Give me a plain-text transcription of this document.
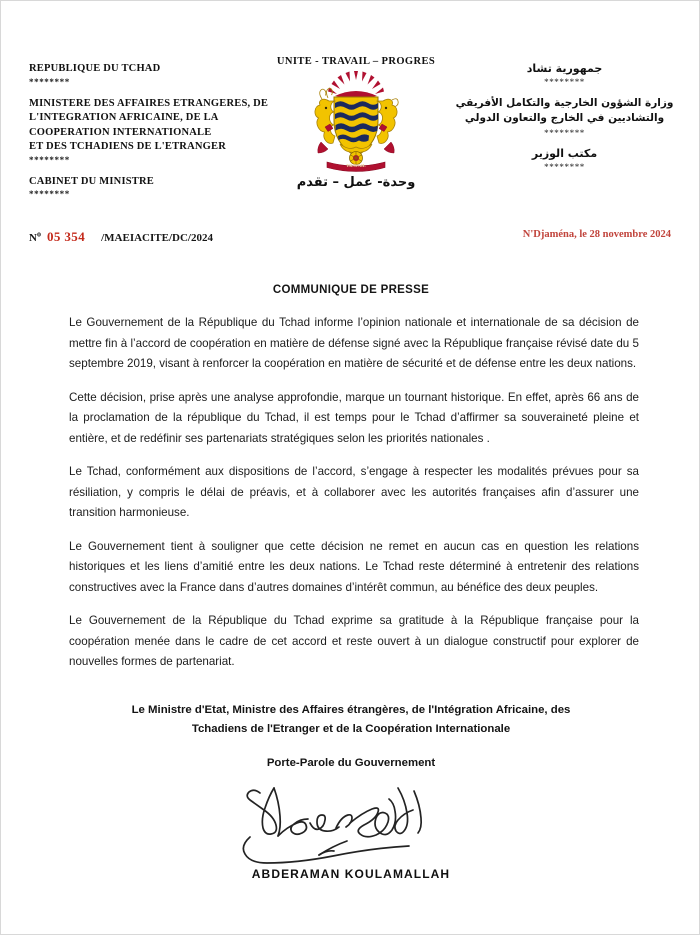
REPUBLIQUE DU TCHAD
********
MINISTERE DES AFFAIRES ETRANGERES, DE
L'INTEGRATION AFRICAINE, DE LA
COOPERATION INTERNATIONALE
ET DES TCHADIENS DE L'ETRANGER
********
CABINET DU MINISTRE
********
UNITE - TRAVAIL – PROGRES
TRAVAIL
وحدة- عمل – تقدم
جمهورية تشاد
********
وزارة الشؤون الخارجية والتكامل الأفريقي
والتشاديين في الخارج والتعاون الدولي
********
مكتب الوزير
********
$N^o$ 05 354 /MAEIACITE/DC/2024	N'Djaména, le 28 novembre 2024
COMMUNIQUE DE PRESSE

Le Gouvernement de la République du Tchad informe l’opinion nationale et internationale de sa décision de mettre fin à l’accord de coopération en matière de défense signé avec la République française révisé date du 5 septembre 2019, visant à renforcer la coopération en matière de sécurité et de défense entre les deux nations.

Cette décision, prise après une analyse approfondie, marque un tournant historique. En effet, après 66 ans de la proclamation de la république du Tchad, il est temps pour le Tchad d’affirmer sa souveraineté pleine et entière, et de redéfinir ses partenariats stratégiques selon les priorités nationales .

Le Tchad, conformément aux dispositions de l’accord, s’engage à respecter les modalités prévues pour sa résiliation, y compris le délai de préavis, et à collaborer avec les autorités françaises afin d’assurer une transition harmonieuse.

Le Gouvernement tient à souligner que cette décision ne remet en aucun cas en question les relations historiques et les liens d’amitié entre les deux nations. Le Tchad reste déterminé à entretenir des relations constructives avec la France dans d’autres domaines d’intérêt commun, au bénéfice des deux peuples.

Le Gouvernement de la République du Tchad exprime sa gratitude à la République française pour la coopération menée dans le cadre de cet accord et reste ouvert à un dialogue constructif pour explorer de nouvelles formes de partenariat.

Le Ministre d'Etat, Ministre des Affaires étrangères, de l'Intégration Africaine, des
Tchadiens de l'Etranger et de la Coopération Internationale
Porte-Parole du Gouvernement
ABDERAMAN KOULAMALLAH
